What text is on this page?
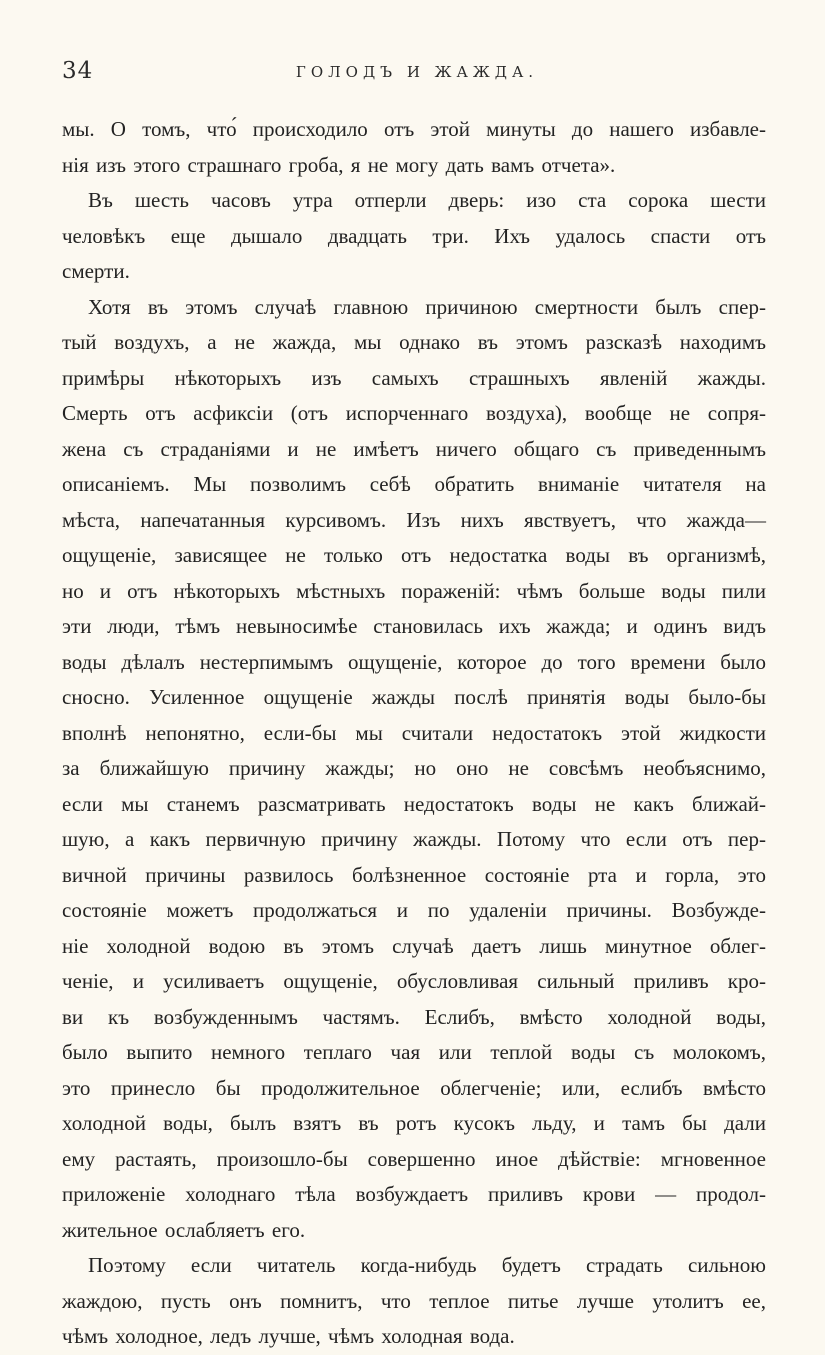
34	ГОЛОДЪ И ЖАЖДА.
мы. О томъ, что́ происходило отъ этой минуты до нашего избавле-
нія изъ этого страшнаго гроба, я не могу дать вамъ отчета».
Въ шесть часовъ утра отперли дверь: изо ста сорока шести
человѣкъ еще дышало двадцать три. Ихъ удалось спасти отъ
смерти.
Хотя въ этомъ случаѣ главною причиною смертности былъ спер-
тый воздухъ, а не жажда, мы однако въ этомъ разсказѣ находимъ
примѣры нѣкоторыхъ изъ самыхъ страшныхъ явленій жажды.
Смерть отъ асфиксіи (отъ испорченнаго воздуха), вообще не сопря-
жена съ страданіями и не имѣетъ ничего общаго съ приведеннымъ
описаніемъ. Мы позволимъ себѣ обратить вниманіе читателя на
мѣста, напечатанныя курсивомъ. Изъ нихъ явствуетъ, что жажда—
ощущеніе, зависящее не только отъ недостатка воды въ организмѣ,
но и отъ нѣкоторыхъ мѣстныхъ пораженій: чѣмъ больше воды пили
эти люди, тѣмъ невыносимѣе становилась ихъ жажда; и одинъ видъ
воды дѣлалъ нестерпимымъ ощущеніе, которое до того времени было
сносно. Усиленное ощущеніе жажды послѣ принятія воды было-бы
вполнѣ непонятно, если-бы мы считали недостатокъ этой жидкости
за ближайшую причину жажды; но оно не совсѣмъ необъяснимо,
если мы станемъ разсматривать недостатокъ воды не какъ ближай-
шую, а какъ первичную причину жажды. Потому что если отъ пер-
вичной причины развилось болѣзненное состояніе рта и горла, это
состояніе можетъ продолжаться и по удаленіи причины. Возбужде-
ніе холодной водою въ этомъ случаѣ даетъ лишь минутное облег-
ченіе, и усиливаетъ ощущеніе, обусловливая сильный приливъ кро-
ви къ возбужденнымъ частямъ. Еслибъ, вмѣсто холодной воды,
было выпито немного теплаго чая или теплой воды съ молокомъ,
это принесло бы продолжительное облегченіе; или, еслибъ вмѣсто
холодной воды, былъ взятъ въ ротъ кусокъ льду, и тамъ бы дали
ему растаять, произошло-бы совершенно иное дѣйствіе: мгновенное
приложеніе холоднаго тѣла возбуждаетъ приливъ крови — продол-
жительное ослабляетъ его.
Поэтому если читатель когда-нибудь будетъ страдать сильною
жаждою, пусть онъ помнитъ, что теплое питье лучше утолитъ ее,
чѣмъ холодное, ледъ лучше, чѣмъ холодная вода.
